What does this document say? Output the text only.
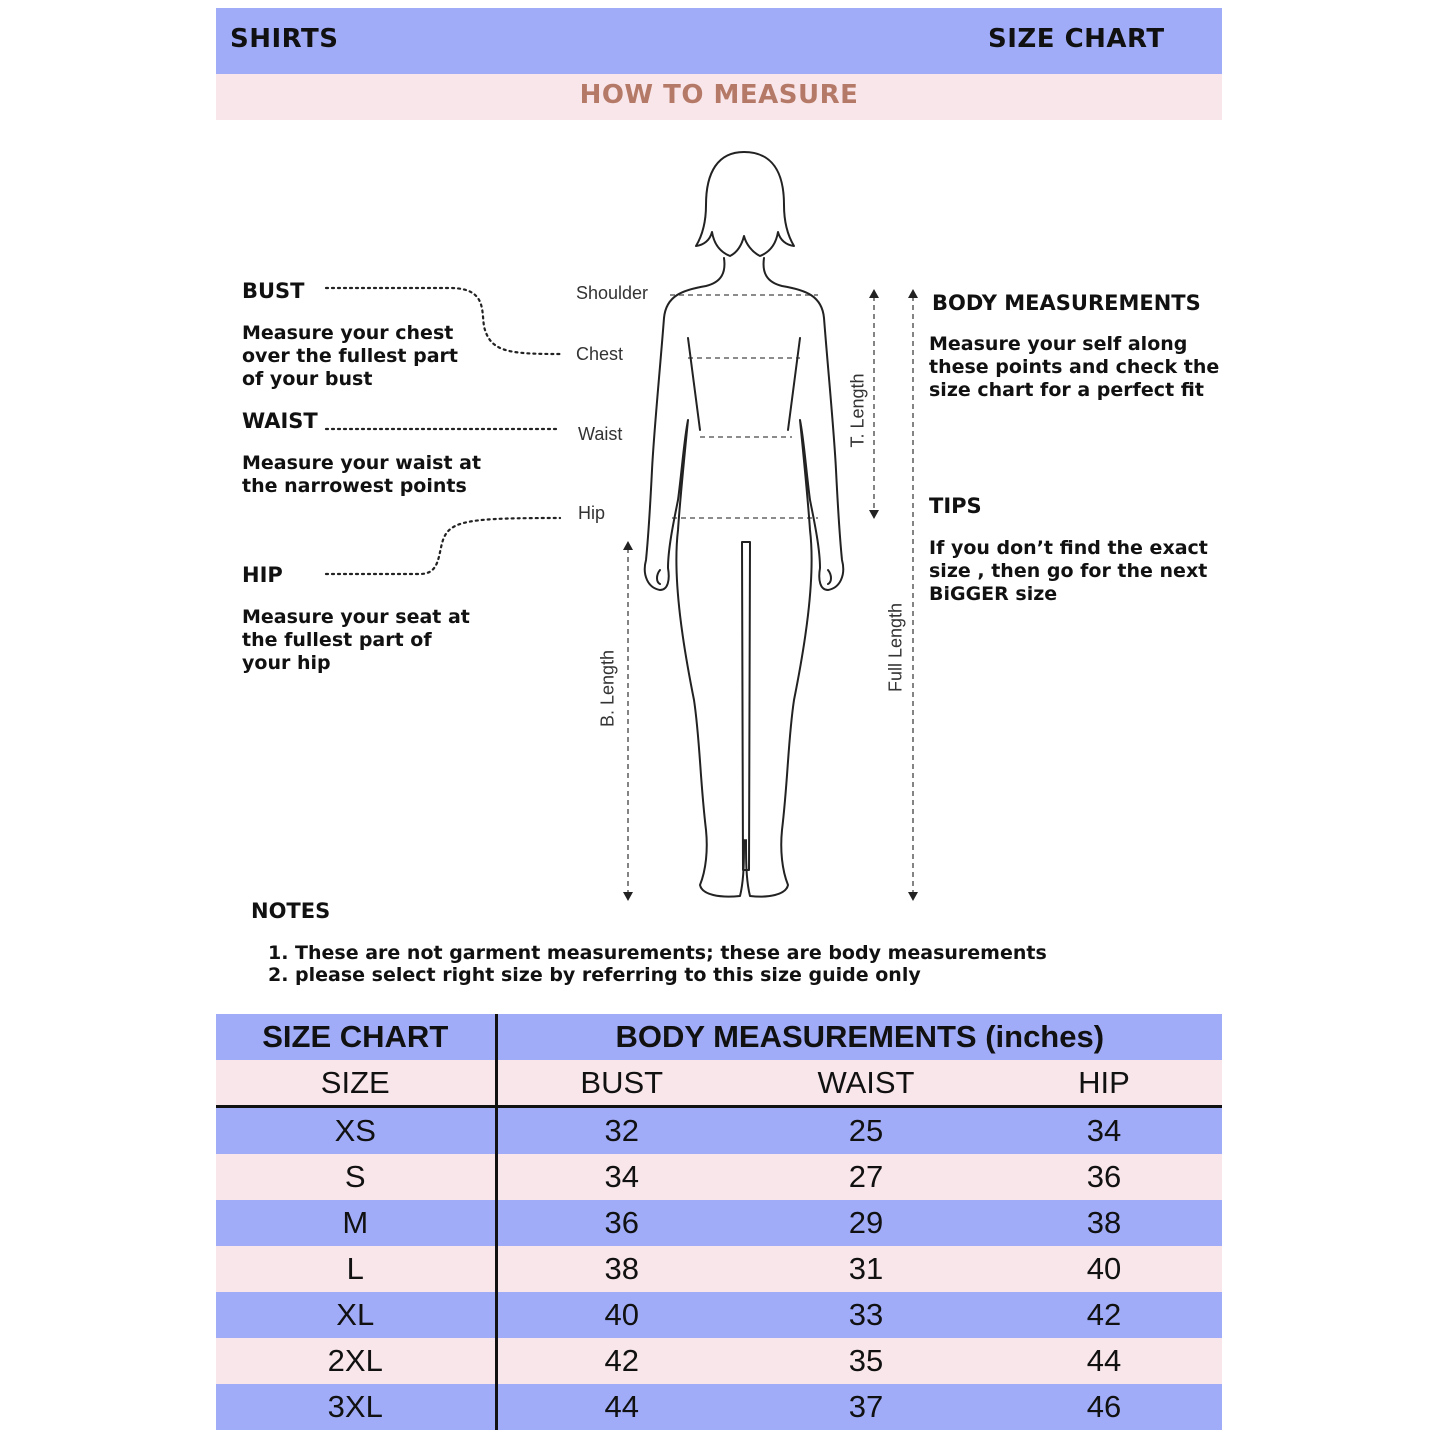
SHIRTS	SIZE CHART
HOW TO MEASURE
BUST
Measure your chest
over the fullest part
of your bust
WAIST
Measure your waist at
the narrowest points
HIP
Measure your seat at
the fullest part of
your hip
Shoulder
Chest
Waist
Hip
T. Length
B. Length	Full Length
BODY MEASUREMENTS
Measure your self along
these points and check the
size chart for a perfect fit
TIPS
If you don’t find the exact
size , then go for the next
BiGGER size
NOTES
1. These are not garment measurements; these are body measurements
2. please select right size by referring to this size guide only
SIZE CHART	BODY MEASUREMENTS (inches)		
SIZE	BUST	WAIST	HIP
XS	32	25	34
S	34	27	36
M	36	29	38
L	38	31	40
XL	40	33	42
2XL	42	35	44
3XL	44	37	46
